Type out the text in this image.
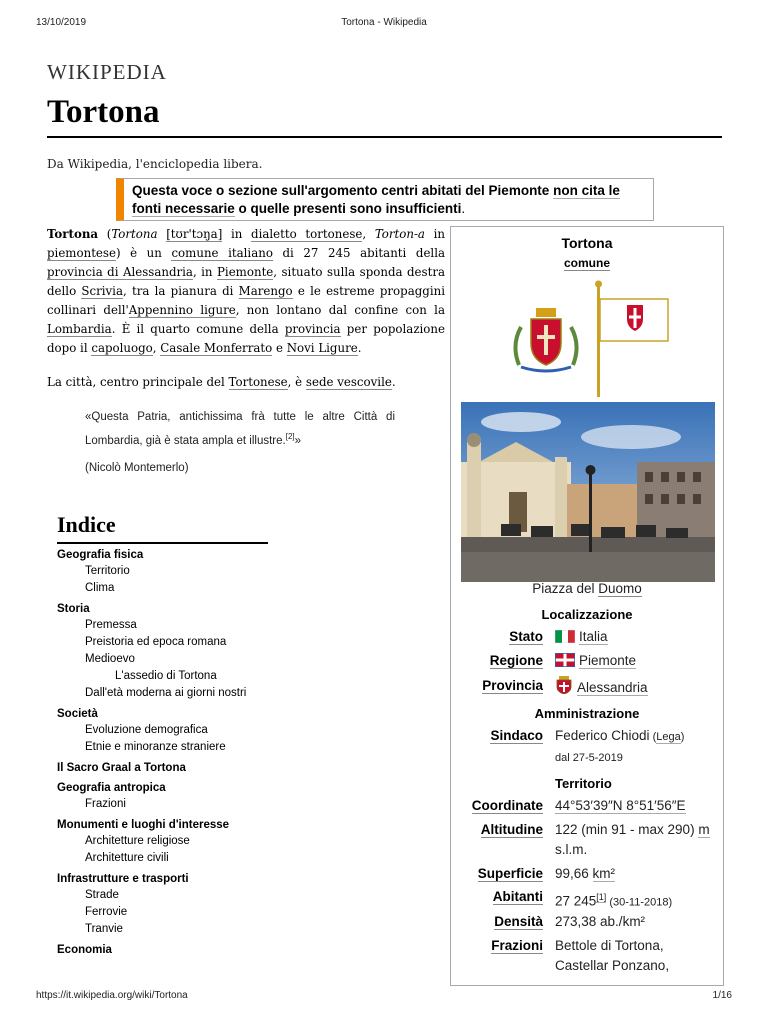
13/10/2019	Tortona - Wikipedia
WIKIPEDIA
Tortona
Da Wikipedia, l'enciclopedia libera.
Questa voce o sezione sull'argomento centri abitati del Piemonte non cita le fonti necessarie o quelle presenti sono insufficienti.

Tortona (Tortona [tʊr'tɔŋa] in dialetto tortonese, Torton-a in piemontese) è un comune italiano di 27 245 abitanti della provincia di Alessandria, in Piemonte, situato sulla sponda destra dello Scrivia, tra la pianura di Marengo e le estreme propaggini collinari dell'Appennino ligure, non lontano dal confine con la Lombardia. È il quarto comune della provincia per popolazione dopo il capoluogo, Casale Monferrato e Novi Ligure.

La città, centro principale del Tortonese, è sede vescovile.

«Questa Patria, antichissima frà tutte le altre Città di Lombardia, già è stata ampla et illustre.[2]»

(Nicolò Montemerlo)
Indice
Geografia fisica
Territorio
Clima
Storia
Premessa
Preistoria ed epoca romana
Medioevo
L'assedio di Tortona
Dall'età moderna ai giorni nostri
Società
Evoluzione demografica
Etnie e minoranze straniere
Il Sacro Graal a Tortona
Geografia antropica
Frazioni
Monumenti e luoghi d'interesse
Architetture religiose
Architetture civili
Infrastrutture e trasporti
Strade
Ferrovie
Tranvie
Economia
Tortona
comune
Piazza del Duomo
Localizzazione
Stato	Italia
Regione	Piemonte
Provincia	Alessandria
Amministrazione
Sindaco Federico Chiodi (Lega)
dal 27-5-2019
Territorio
Coordinate 44°53′39″N 8°51′56″E
Altitudine 122 (min 91 - max 290) m s.l.m.
Superficie 99,66 km²
Abitanti 27 245[1] (30-11-2018)
Densità 273,38 ab./km²
Frazioni Bettole di Tortona, Castellar Ponzano,
https://it.wikipedia.org/wiki/Tortona	1/16
